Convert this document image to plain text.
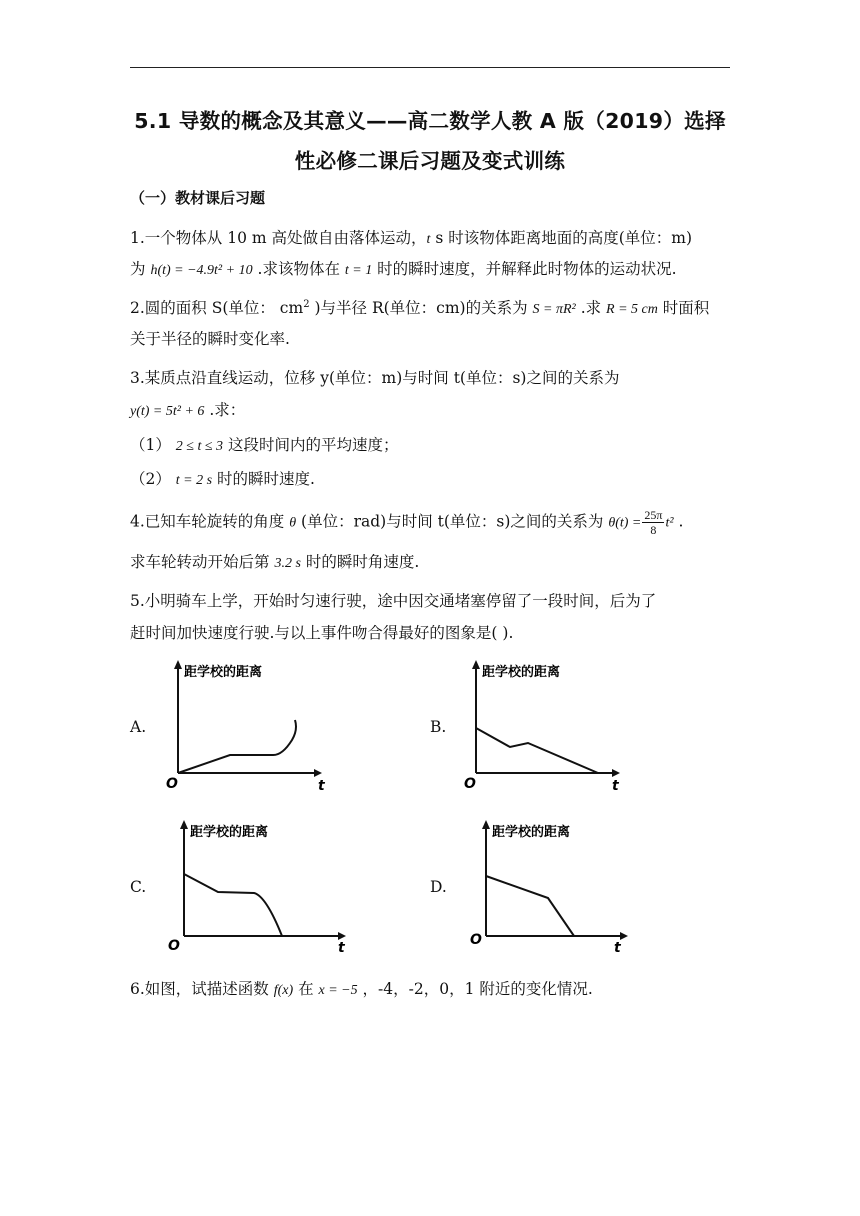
5.1 导数的概念及其意义——高二数学人教 A 版（2019）选择
性必修二课后习题及变式训练
（一）教材课后习题
1.一个物体从 10 m 高处做自由落体运动，t s 时该物体距离地面的高度(单位：m)
为 h(t) = −4.9t² + 10 .求该物体在 t = 1 时的瞬时速度，并解释此时物体的运动状况.
2.圆的面积 S(单位： $cm^2$ )与半径 R(单位：cm)的关系为 S = πR² .求 R = 5 cm 时面积
关于半径的瞬时变化率.
3.某质点沿直线运动，位移 y(单位：m)与时间 t(单位：s)之间的关系为
y(t) = 5t² + 6 .求：
（1） 2 ≤ t ≤ 3 这段时间内的平均速度；
（2） t = 2 s 时的瞬时速度.
4.已知车轮旋转的角度 θ (单位：rad)与时间 t(单位：s)之间的关系为 $\theta(t) = \frac{25\pi}{8} t^2$ .
求车轮转动开始后第 3.2 s 时的瞬时角速度.
5.小明骑车上学，开始时匀速行驶，途中因交通堵塞停留了一段时间，后为了
赶时间加快速度行驶.与以上事件吻合得最好的图象是( ).
A.	B.
C.	D.
距学校的距离
O	t
距学校的距离
O	t
距学校的距离
O	t
距学校的距离
O	t
6.如图，试描述函数 f(x) 在 x = −5 ，-4，-2，0，1 附近的变化情况.
